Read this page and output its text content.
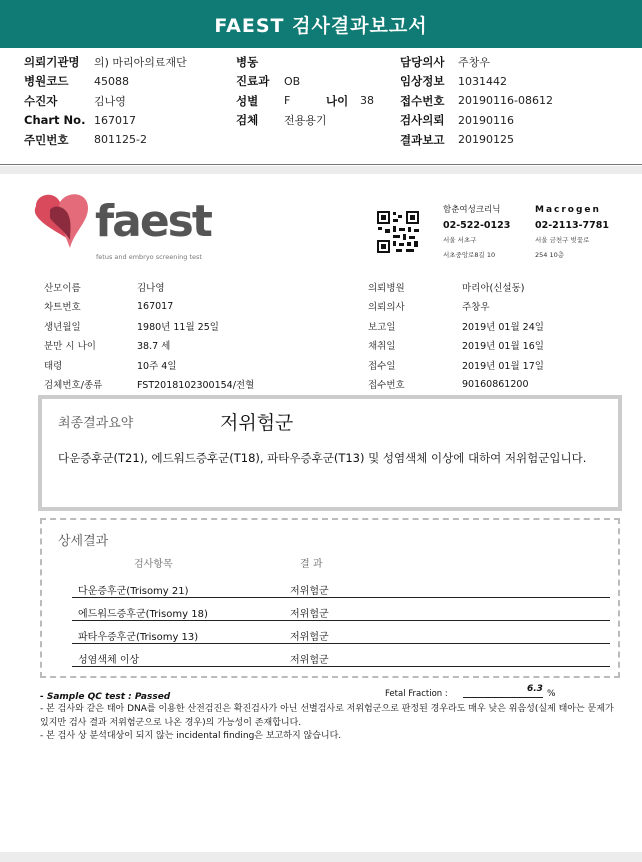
FAEST 검사결과보고서
의뢰기관명	의) 마리아의료재단
병원코드	45088
수진자	김나영
Chart No. 167017
주민번호	801125-2
병동
진료과	OB
성별	F	나이	38
검체	전용용기
담당의사	주창우
임상정보	1031442
접수번호	20190116-08612
검사의뢰	20190116
결과보고	20190125
faest
fetus and embryo screening test
함춘여성크리닉
02-522-0123
서울 서초구
서초중앙로8길 10
Macrogen
02-2113-7781
서울 금천구 벚꽃로
254 10층
산모이름	김나영
차트번호	167017
생년월일	1980년 11월 25일
분만 시 나이	38.7 세
태령	10주 4일
검체번호/종류	FST2018102300154/전혈
의뢰병원	마리아(신설동)
의뢰의사	주창우
보고일	2019년 01월 24일
채취일	2019년 01월 16일
접수일	2019년 01월 17일
접수번호	90160861200
최종결과요약	저위험군
다운증후군(T21), 에드워드증후군(T18), 파타우증후군(T13) 및 성염색체 이상에 대하여 저위험군입니다.
상세결과
검사항목	결 과
다운증후군(Trisomy 21)	저위험군
에드워드증후군(Trisomy 18)	저위험군
파타우증후군(Trisomy 13)	저위험군
성염색체 이상	저위험군
- Sample QC test : Passed	Fetal Fraction :	6.3 %
- 본 검사와 같은 태아 DNA를 이용한 산전검진은 확진검사가 아닌 선별검사로 저위험군으로 판정된 경우라도 매우 낮은 위음성(실제 태아는 문제가 있지만 검사 결과 저위험군으로 나온 경우)의 가능성이 존재합니다.
- 본 검사 상 분석대상이 되지 않는 incidental finding은 보고하지 않습니다.
